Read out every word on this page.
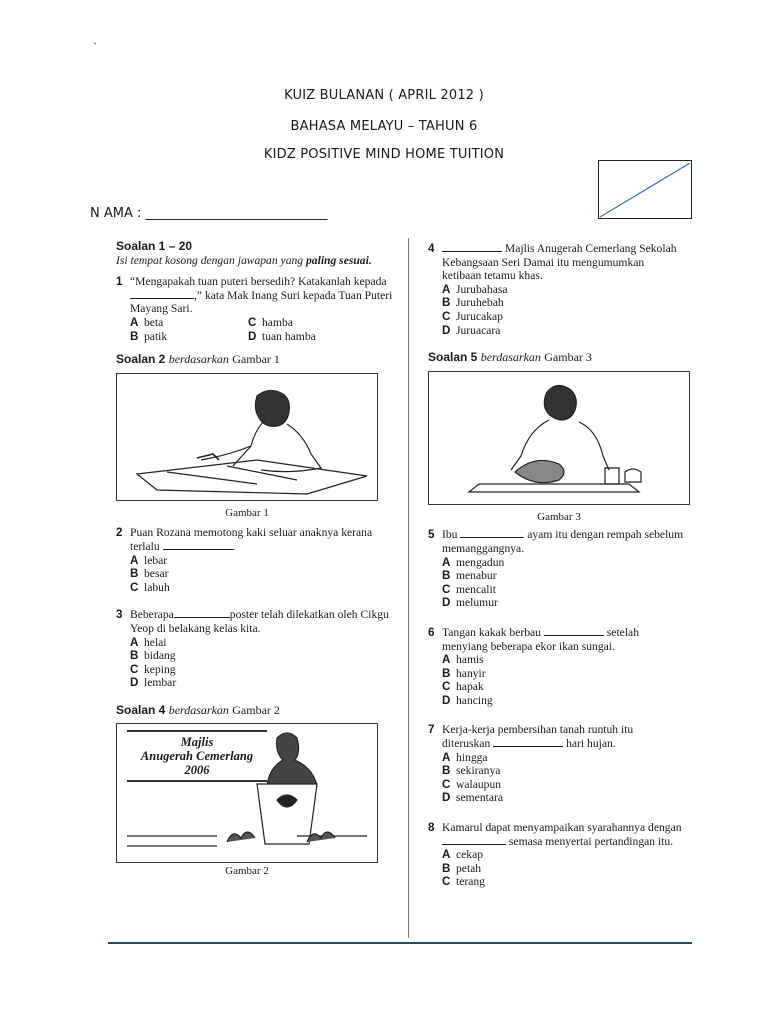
`
KUIZ BULANAN ( APRIL 2012 )
BAHASA MELAYU – TAHUN 6
KIDZ POSITIVE MIND HOME TUITION
N AMA : ____________________________
Soalan 1 – 20
Isi tempat kosong dengan jawapan yang paling sesuai.
1 “Mengapakah tuan puteri bersedih? Katakanlah kepada ,” kata Mak Inang Suri kepada Tuan Puteri Mayang Sari.
A beta	C hamba
B patik	D tuan hamba
Soalan 2 berdasarkan Gambar 1
Gambar 1
2 Puan Rozana memotong kaki seluar anaknya kerana terlalu	.
A lebar
B besar
C labuh
3 Beberapa	poster telah dilekatkan oleh Cikgu Yeop di belakang kelas kita.
A helai
B bidang
C keping
D lembar
Soalan 4 berdasarkan Gambar 2
Majlis
Anugerah Cemerlang
2006
Gambar 2
4	Majlis Anugerah Cemerlang Sekolah Kebangsaan Seri Damai itu mengumumkan ketibaan tetamu khas.
A Jurubahasa
B Juruhebah
C Jurucakap
D Juruacara
Soalan 5 berdasarkan Gambar 3
Gambar 3
5 Ibu	ayam itu dengan rempah sebelum memanggangnya.
A mengadun
B menabur
C mencalit
D melumur
6 Tangan kakak berbau	setelah menyiang beberapa ekor ikan sungai.
A hamis
B hanyir
C hapak
D hancing
7 Kerja-kerja pembersihan tanah runtuh itu diteruskan	hari hujan.
A hingga
B sekiranya
C walaupun
D sementara
8 Kamarul dapat menyampaikan syarahannya dengan  semasa menyertai pertandingan itu.
A cekap
B petah
C terang
